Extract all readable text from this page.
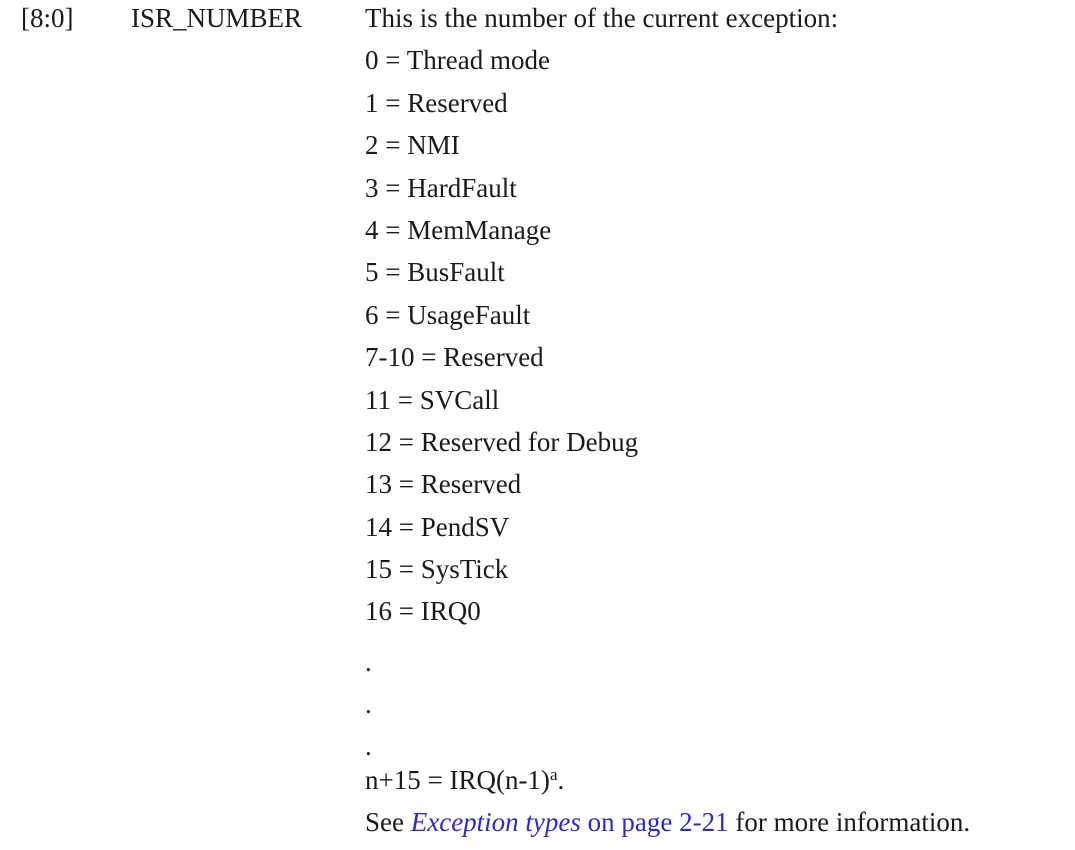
[8:0] ISR_NUMBER This is the number of the current exception:
0 = Thread mode
1 = Reserved
2 = NMI
3 = HardFault
4 = MemManage
5 = BusFault
6 = UsageFault
7-10 = Reserved
11 = SVCall
12 = Reserved for Debug
13 = Reserved
14 = PendSV
15 = SysTick
16 = IRQ0
.
.
.
$n+15 = IRQ(n-1)^a$.
See Exception types on page 2-21 for more information.
